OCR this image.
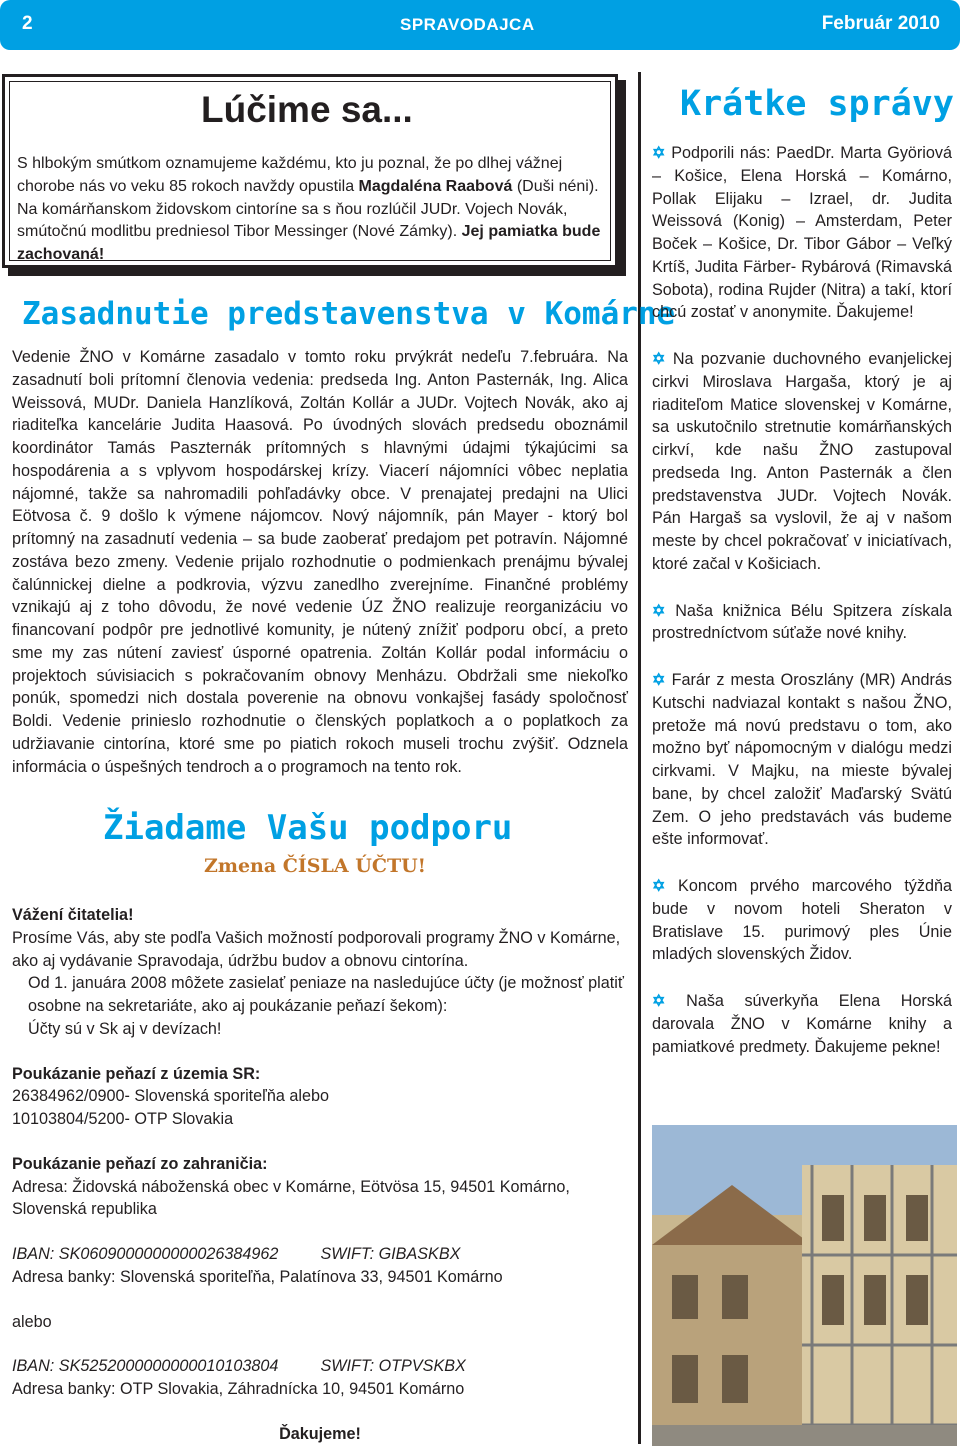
2	SPRAVODAJCA	Február 2010
Lúčime sa...
S hlbokým smútkom oznamujeme každému, kto ju poznal, že po dlhej vážnej chorobe nás vo veku 85 rokoch navždy opustila Magdaléna Raabová (Duši néni). Na komárňanskom židovskom cintoríne sa s ňou rozlúčil JUDr. Vojech Novák, smútočnú modlitbu predniesol Tibor Messinger (Nové Zámky). Jej pamiatka bude zachovaná!
Zasadnutie predstavenstva v Komárne
Vedenie ŽNO v Komárne zasadalo v tomto roku prvýkrát nedeľu 7.februára. Na zasadnutí boli prítomní členovia vedenia: predseda Ing. Anton Pasternák, Ing. Alica Weissová, MUDr. Daniela Hanzlíková, Zoltán Kollár a JUDr. Vojtech Novák, ako aj riaditeľka kancelárie Judita Haasová. Po úvodných slovách predsedu oboznámil koordinátor Tamás Paszternák prítomných s hlavnými údajmi týkajúcimi sa hospodárenia a s vplyvom hospodárskej krízy. Viacerí nájomníci vôbec neplatia nájomné, takže sa nahromadili pohľadávky obce. V prenajatej predajni na Ulici Eötvosa č. 9 došlo k výmene nájomcov. Nový nájomník, pán Mayer - ktorý bol prítomný na zasadnutí vedenia – sa bude zaoberať predajom pet potravín. Nájomné zostáva bezo zmeny. Vedenie prijalo rozhodnutie o podmienkach prenájmu bývalej čalúnnickej dielne a podkrovia, výzvu zanedlho zverejníme. Finančné problémy vznikajú aj z toho dôvodu, že nové vedenie ÚZ ŽNO realizuje reorganizáciu vo financovaní podpôr pre jednotlivé komunity, je nútený znížiť podporu obcí, a preto sme my zas nútení zaviesť úsporné opatrenia. Zoltán Kollár podal informáciu o projektoch súvisiacich s pokračovaním obnovy Menházu. Obdržali sme niekoľko ponúk, spomedzi nich dostala poverenie na obnovu vonkajšej fasády spoločnosť Boldi. Vedenie prinieslo rozhodnutie o členských poplatkoch a o poplatkoch za udržiavanie cintorína, ktoré sme po piatich rokoch museli trochu zvýšiť. Odznela informácia o úspešných tendroch a o programoch na tento rok.
Žiadame Vašu podporu
Zmena ČÍSLA ÚČTU!

Vážení čitatelia!

Prosíme Vás, aby ste podľa Vašich možností podporovali programy ŽNO v Komárne, ako aj vydávanie Spravodaja, údržbu budov a obnovu cintorína.

Od 1. januára 2008 môžete zasielať peniaze na nasledujúce účty (je možnosť platiť osobne na sekretariáte, ako aj poukázanie peňazí šekom):

Účty sú v Sk aj v devízach!

Poukázanie peňazí z územia SR:

26384962/0900- Slovenská sporiteľňa alebo

10103804/5200- OTP Slovakia

Poukázanie peňazí zo zahraničia:

Adresa: Židovská náboženská obec v Komárne, Eötvösa 15, 94501 Komárno, Slovenská republika

IBAN: SK0609000000000026384962	SWIFT: GIBASKBX

Adresa banky: Slovenská sporiteľňa, Palatínova 33, 94501 Komárno

alebo

IBAN: SK5252000000000010103804	SWIFT: OTPVSKBX

Adresa banky: OTP Slovakia, Záhradnícka 10, 94501 Komárno

Ďakujeme!

Krátke správy

✡ Podporili nás: PaedDr. Marta Györiová – Košice, Elena Horská – Komárno, Pollak Elijaku – Izrael, dr. Judita Weissová (Konig) – Amsterdam, Peter Boček – Košice, Dr. Tibor Gábor – Veľký Krtíš, Judita Färber- Rybárová (Rimavská Sobota), rodina Rujder (Nitra) a takí, ktorí chcú zostať v anonymite. Ďakujeme!

✡ Na pozvanie duchovného evanjelickej cirkvi Miroslava Hargaša, ktorý je aj riaditeľom Matice slovenskej v Komárne, sa uskutočnilo stretnutie komárňanských cirkví, kde našu ŽNO zastupoval predseda Ing. Anton Pasternák a člen predstavenstva JUDr. Vojtech Novák. Pán Hargaš sa vyslovil, že aj v našom meste by chcel pokračovať v iniciatívach, ktoré začal v Košiciach.

✡ Naša knižnica Bélu Spitzera získala prostredníctvom súťaže nové knihy.

✡ Farár z mesta Oroszlány (MR) András Kutschi nadviazal kontakt s našou ŽNO, pretože má novú predstavu o tom, ako možno byť nápomocným v dialógu medzi cirkvami. V Majku, na mieste bývalej bane, by chcel založiť Maďarský Svätú Zem. O jeho predstavách vás budeme ešte informovať.

✡ Koncom prvého marcového týždňa bude v novom hoteli Sheraton v Bratislave 15. purimový ples Únie mladých slovenských Židov.

✡ Naša súverkyňa Elena Horská darovala ŽNO v Komárne knihy a pamiatkové predmety. Ďakujeme pekne!
